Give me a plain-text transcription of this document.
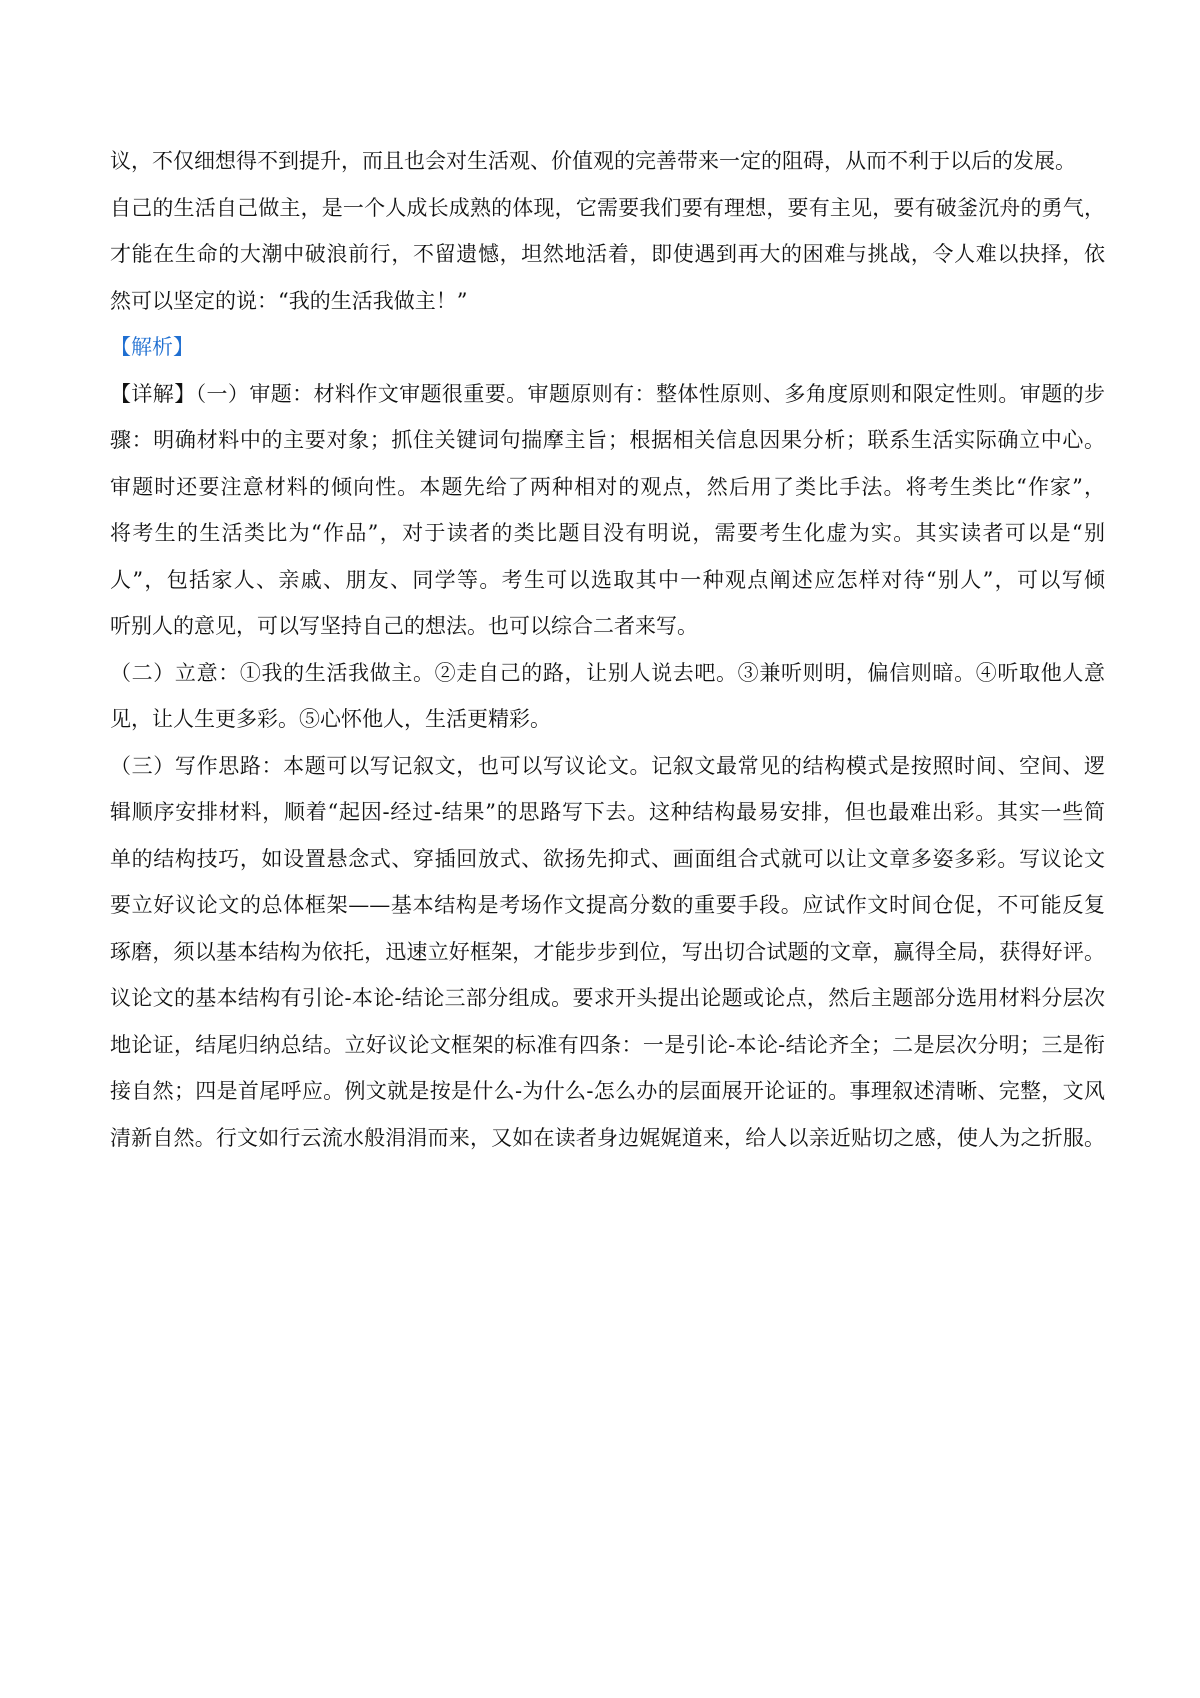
议，不仅细想得不到提升，而且也会对生活观、价值观的完善带来一定的阻碍，从而不利于以后的发展。
自己的生活自己做主，是一个人成长成熟的体现，它需要我们要有理想，要有主见，要有破釜沉舟的勇气，
才能在生命的大潮中破浪前行，不留遗憾，坦然地活着，即使遇到再大的困难与挑战，令人难以抉择，依
然可以坚定的说：“我的生活我做主！”
【解析】
【详解】（一）审题：材料作文审题很重要。审题原则有：整体性原则、多角度原则和限定性则。审题的步
骤：明确材料中的主要对象；抓住关键词句揣摩主旨；根据相关信息因果分析；联系生活实际确立中心。
审题时还要注意材料的倾向性。本题先给了两种相对的观点，然后用了类比手法。将考生类比“作家”，
将考生的生活类比为“作品”，对于读者的类比题目没有明说，需要考生化虚为实。其实读者可以是“别
人”，包括家人、亲戚、朋友、同学等。考生可以选取其中一种观点阐述应怎样对待“别人”，可以写倾
听别人的意见，可以写坚持自己的想法。也可以综合二者来写。
（二）立意：①我的生活我做主。②走自己的路，让别人说去吧。③兼听则明，偏信则暗。④听取他人意
见，让人生更多彩。⑤心怀他人，生活更精彩。
（三）写作思路：本题可以写记叙文，也可以写议论文。记叙文最常见的结构模式是按照时间、空间、逻
辑顺序安排材料，顺着“起因-经过-结果”的思路写下去。这种结构最易安排，但也最难出彩。其实一些简
单的结构技巧，如设置悬念式、穿插回放式、欲扬先抑式、画面组合式就可以让文章多姿多彩。写议论文
要立好议论文的总体框架——基本结构是考场作文提高分数的重要手段。应试作文时间仓促，不可能反复
琢磨，须以基本结构为依托，迅速立好框架，才能步步到位，写出切合试题的文章，赢得全局，获得好评。
议论文的基本结构有引论-本论-结论三部分组成。要求开头提出论题或论点，然后主题部分选用材料分层次
地论证，结尾归纳总结。立好议论文框架的标准有四条：一是引论-本论-结论齐全；二是层次分明；三是衔
接自然；四是首尾呼应。例文就是按是什么-为什么-怎么办的层面展开论证的。事理叙述清晰、完整，文风
清新自然。行文如行云流水般涓涓而来，又如在读者身边娓娓道来，给人以亲近贴切之感，使人为之折服。
